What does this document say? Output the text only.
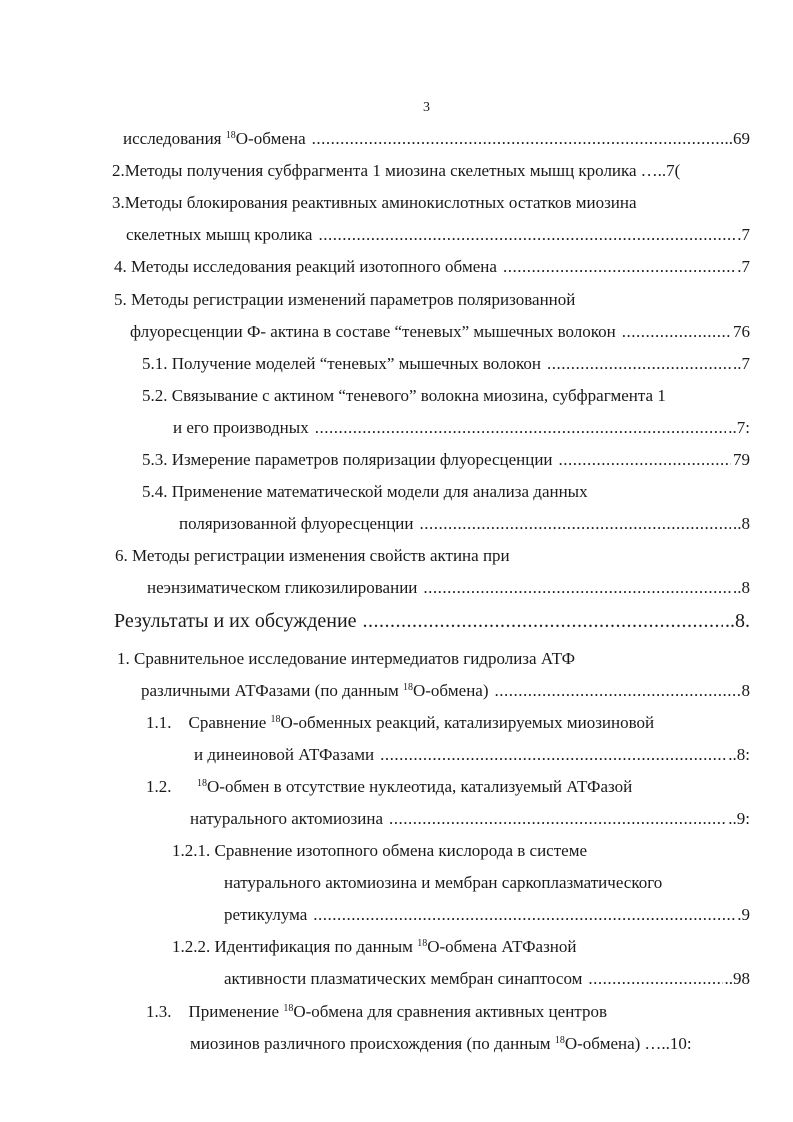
3
исследования $^{18}$О-обмена .....	..69
2.Методы получения субфрагмента 1 миозина скелетных мышц кролика …..7(
3.Методы блокирования реактивных аминокислотных остатков миозина
скелетных мышц кролика .....	.7
4. Методы исследования реакций изотопного обмена .....	.7
5. Методы регистрации изменений параметров поляризованной
флуоресценции Ф- актина в составе “теневых” мышечных волокон .....	76
5.1. Получение моделей “теневых” мышечных волокон .....	..7
5.2. Связывание с актином “теневого” волокна миозина, субфрагмента 1
и его производных .....	..7:
5.3. Измерение параметров поляризации флуоресценции .....	79
5.4. Применение математической модели для анализа данных
поляризованной флуоресценции .....	..8
6. Методы регистрации изменения свойств актина при
неэнзиматическом гликозилировании .....	..8
Результаты и их обсуждение .....	..8.
1. Сравнительное исследование интермедиатов гидролиза АТФ
различными АТФазами (по данным $^{18}$О-обмена) .....	8
1.1.    Сравнение $^{18}$О-обменных реакций, катализируемых миозиновой
и динеиновой АТФазами .....	..8:
1.2.      $^{18}$О-обмен в отсутствие нуклеотида, катализуемый АТФазой
натурального актомиозина .....	..9:
1.2.1. Сравнение изотопного обмена кислорода в системе
натурального актомиозина и мембран саркоплазматического
ретикулума .....	.9
1.2.2. Идентификация по данным $^{18}$О-обмена АТФазной
активности плазматических мембран синаптосом .....	..98
1.3.    Применение $^{18}$О-обмена для сравнения активных центров
миозинов различного происхождения (по данным $^{18}$О-обмена) …..10:
